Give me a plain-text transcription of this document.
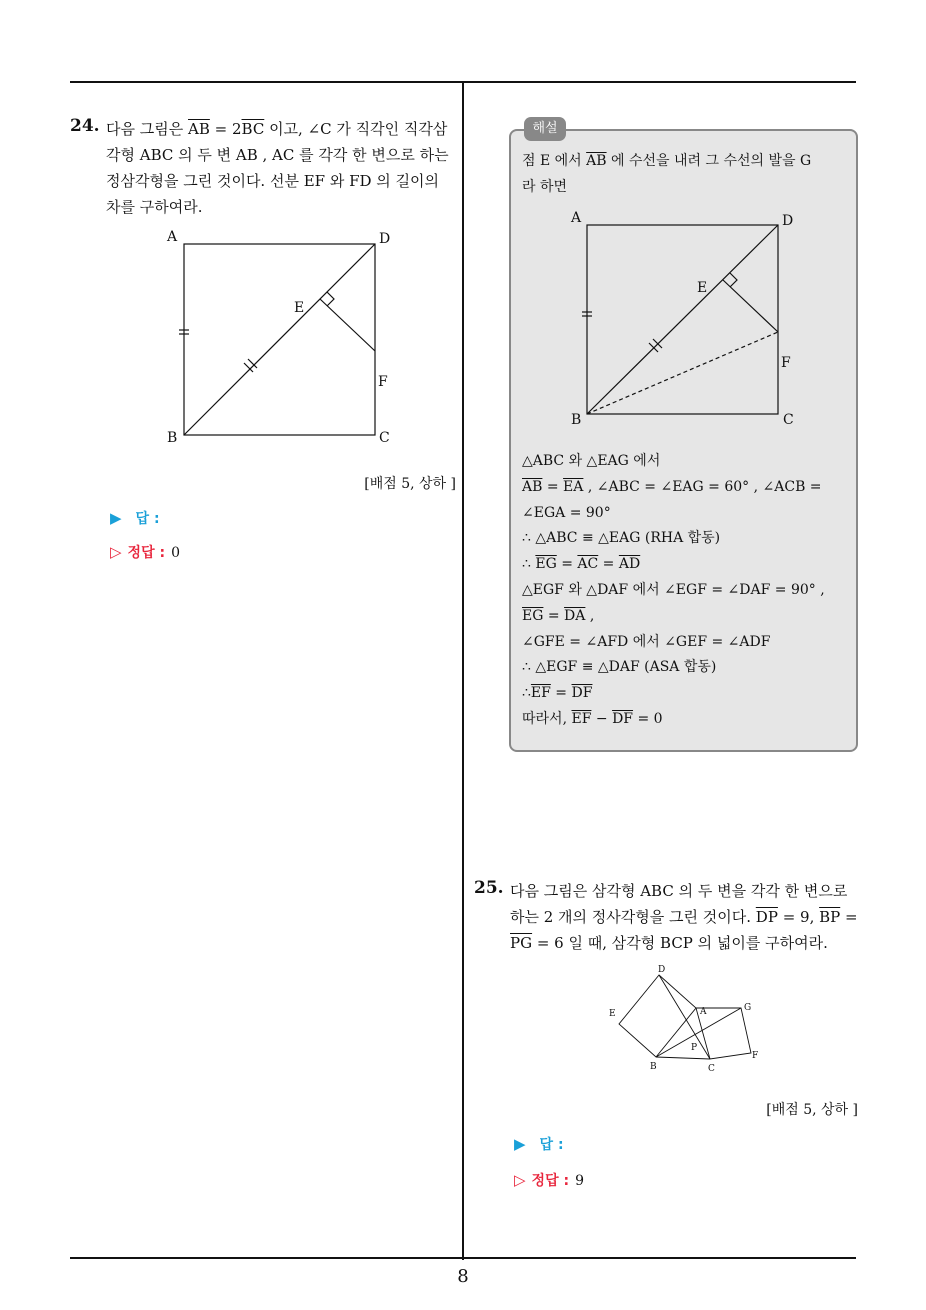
24. 다음 그림은 $\overline{AB} = 2\overline{BC}$ 이고, ∠C 가 직각인 직각삼
각형 ABC 의 두 변 AB , AC 를 각각 한 변으로 하는
정삼각형을 그린 것이다. 선분 EF 와 FD 의 길이의
차를 구하여라.
A	D
E
F
B	C
[배점 5, 상하 ]
▶ 답 :
▷ 정답 : 0
해설
점 E 에서 $\overline{AB}$ 에 수선을 내려 그 수선의 발을 G
라 하면
A	D
E
F
B	C
△ABC 와 △EAG 에서
$\overline{AB} = \overline{EA}$ , ∠ABC = ∠EAG = 60° , ∠ACB =
∠EGA = 90°
∴ △ABC ≡ △EAG (RHA 합동)
∴ $\overline{EG} = \overline{AC} = \overline{AD}$
△EGF 와 △DAF 에서 ∠EGF = ∠DAF = 90° ,
$\overline{EG} = \overline{DA}$ ,
∠GFE = ∠AFD 에서 ∠GEF = ∠ADF
∴ △EGF ≡ △DAF (ASA 합동)
$\therefore\overline{EF} = \overline{DF}$
따라서, $\overline{EF} - \overline{DF} = 0$
25. 다음 그림은 삼각형 ABC 의 두 변을 각각 한 변으로
하는 2 개의 정사각형을 그린 것이다. $\overline{DP} = 9$, $\overline{BP}$ =
$\overline{PG} = 6$ 일 때, 삼각형 BCP 의 넓이를 구하여라.
D
E	A	G
P
F
B	C
[배점 5, 상하 ]
▶ 답 :
▷ 정답 : 9
8
